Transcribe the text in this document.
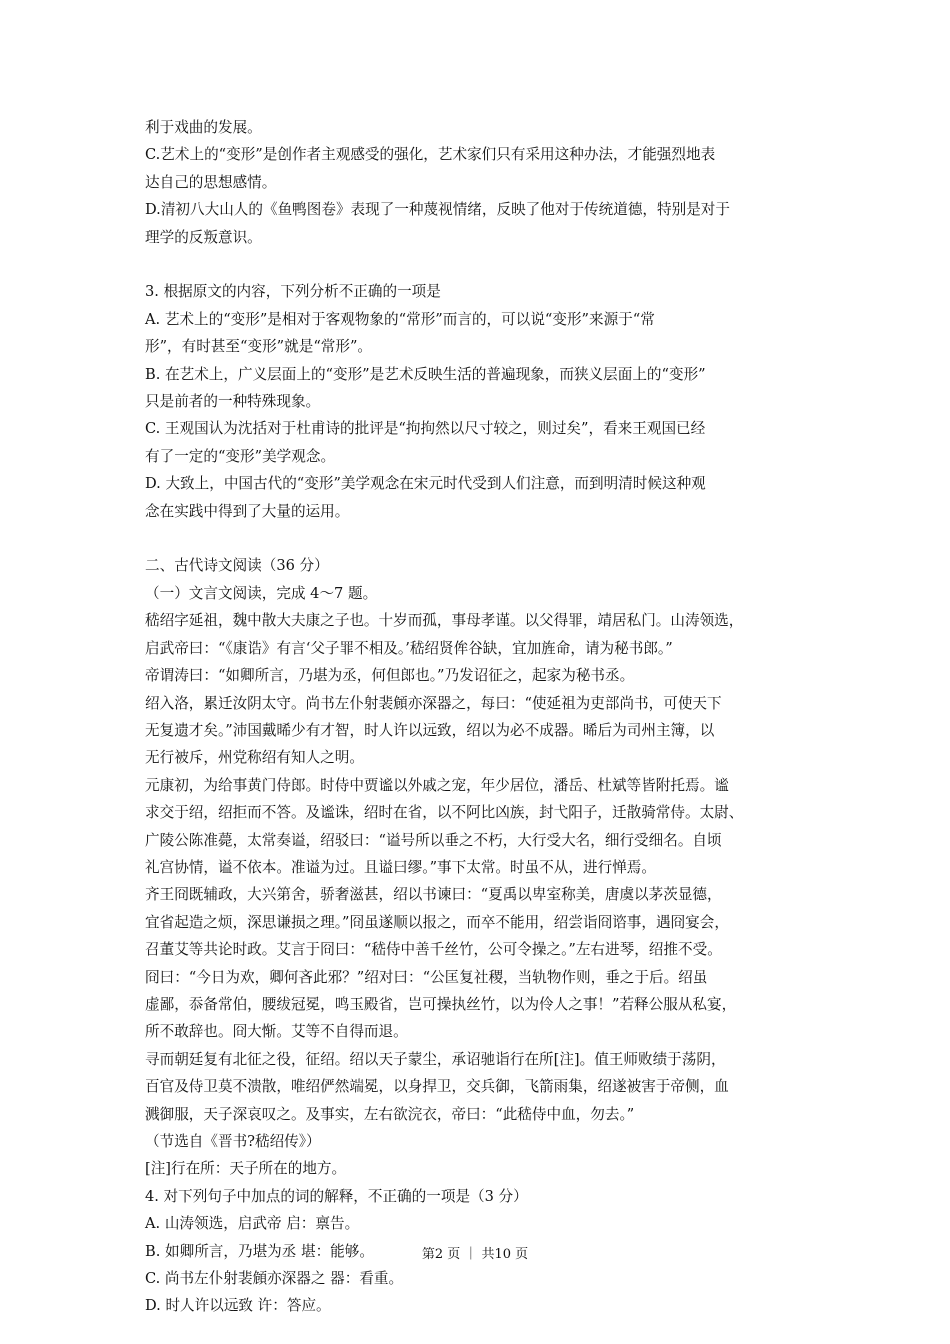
利于戏曲的发展。

C.艺术上的“变形”是创作者主观感受的强化，艺术家们只有采用这种办法，才能强烈地表

达自己的思想感情。

D.清初八大山人的《鱼鸭图卷》表现了一种蔑视情绪，反映了他对于传统道德，特别是对于

理学的反叛意识。

3. 根据原文的内容，下列分析不正确的一项是

A. 艺术上的“变形”是相对于客观物象的“常形”而言的，可以说“变形”来源于“常

形”，有时甚至“变形”就是“常形”。

B. 在艺术上，广义层面上的“变形”是艺术反映生活的普遍现象，而狭义层面上的“变形”

只是前者的一种特殊现象。

C. 王观国认为沈括对于杜甫诗的批评是“拘拘然以尺寸较之，则过矣”，看来王观国已经

有了一定的“变形”美学观念。

D. 大致上，中国古代的“变形”美学观念在宋元时代受到人们注意，而到明清时候这种观

念在实践中得到了大量的运用。

二、古代诗文阅读（36 分）

（一）文言文阅读，完成 4～7 题。

嵇绍字延祖，魏中散大夫康之子也。十岁而孤，事母孝谨。以父得罪，靖居私门。山涛领选，

启武帝曰：“《康诰》有言‘父子罪不相及。’嵇绍贤侔谷缺，宜加旌命，请为秘书郎。”

帝谓涛曰：“如卿所言，乃堪为丞，何但郎也。”乃发诏征之，起家为秘书丞。

绍入洛，累迁汝阴太守。尚书左仆射裴頠亦深器之，每曰：“使延祖为吏部尚书，可使天下

无复遗才矣。”沛国戴晞少有才智，时人许以远致，绍以为必不成器。晞后为司州主簿，以

无行被斥，州党称绍有知人之明。

元康初，为给事黄门侍郎。时侍中贾谧以外戚之宠，年少居位，潘岳、杜斌等皆附托焉。谧

求交于绍，绍拒而不答。及谧诛，绍时在省，以不阿比凶族，封弋阳子，迁散骑常侍。太尉、

广陵公陈准薨，太常奏谥，绍驳曰：“谥号所以垂之不朽，大行受大名，细行受细名。自顷

礼宫协情，谥不依本。准谥为过。且谥曰缪。”事下太常。时虽不从，进行惮焉。

齐王冏既辅政，大兴第舍，骄奢滋甚，绍以书谏曰：“夏禹以卑室称美，唐虞以茅茨显德，

宜省起造之烦，深思谦损之理。”冏虽遂顺以报之，而卒不能用，绍尝诣冏谘事，遇冏宴会，

召董艾等共论时政。艾言于冏曰：“嵇侍中善千丝竹，公可令操之。”左右进琴，绍推不受。

冏曰：“今日为欢，卿何吝此邪？”绍对曰：“公匡复社稷，当轨物作则，垂之于后。绍虽

虚鄙，忝备常伯，腰绂冠冕，鸣玉殿省，岂可操执丝竹，以为伶人之事！”若释公服从私宴，

所不敢辞也。冏大惭。艾等不自得而退。

寻而朝廷复有北征之役，征绍。绍以天子蒙尘，承诏驰诣行在所[注]。值王师败绩于荡阴，

百官及侍卫莫不溃散，唯绍俨然端冕，以身捍卫，交兵御，飞箭雨集，绍遂被害于帝侧，血

溅御服，天子深哀叹之。及事实，左右欲浣衣，帝曰：“此嵇侍中血，勿去。”

（节选自《晋书?嵇绍传》）

[注]行在所：天子所在的地方。

4. 对下列句子中加点的词的解释，不正确的一项是（3 分）

A. 山涛领选，启武帝 启：禀告。

B. 如卿所言，乃堪为丞 堪：能够。

C. 尚书左仆射裴頠亦深器之 器：看重。

D. 时人许以远致 许：答应。

第2 页 ｜ 共10 页
